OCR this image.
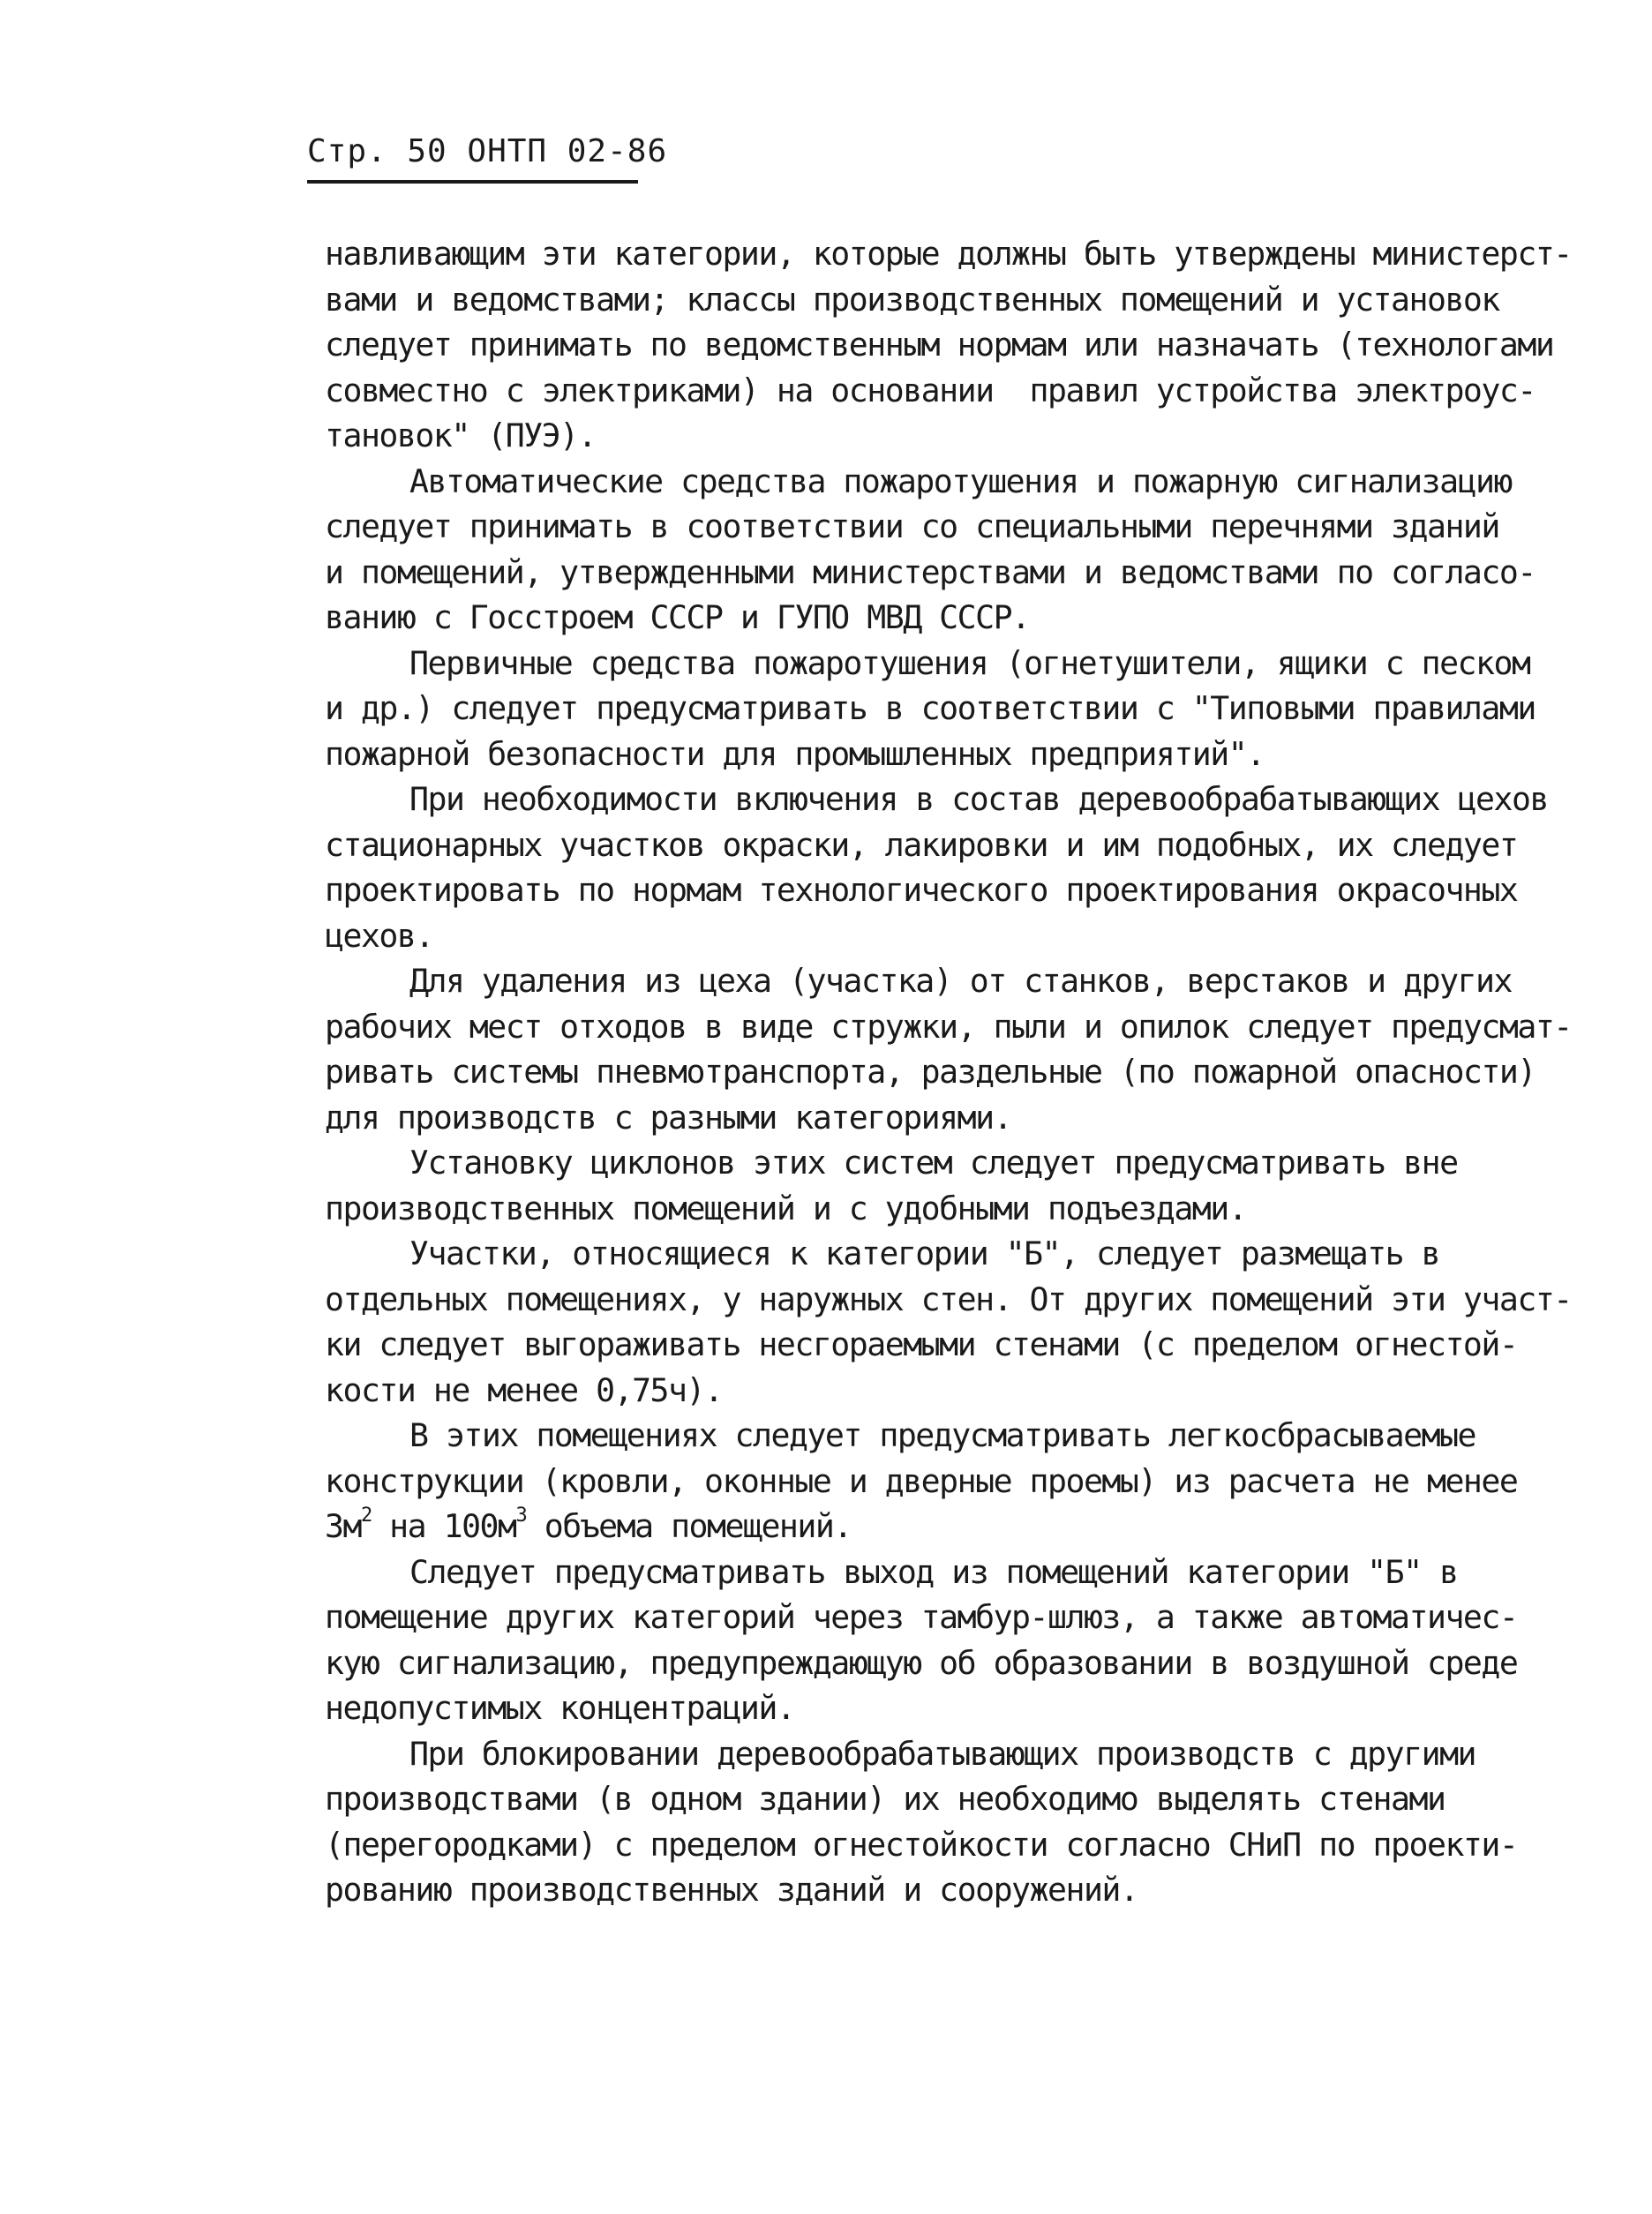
Стр. 50 ОНТП 02-86
навливающим эти категории, которые должны быть утверждены министерст-
вами и ведомствами; классы производственных помещений и установок
следует принимать по ведомственным нормам или назначать (технологами
совместно с электриками) на основании  правил устройства электроус-
тановок" (ПУЭ).
Автоматические средства пожаротушения и пожарную сигнализацию
следует принимать в соответствии со специальными перечнями зданий
и помещений, утвержденными министерствами и ведомствами по согласо-
ванию с Госстроем СССР и ГУПО МВД СССР.
Первичные средства пожаротушения (огнетушители, ящики с песком
и др.) следует предусматривать в соответствии с "Типовыми правилами
пожарной безопасности для промышленных предприятий".
При необходимости включения в состав деревообрабатывающих цехов
стационарных участков окраски, лакировки и им подобных, их следует
проектировать по нормам технологического проектирования окрасочных
цехов.
Для удаления из цеха (участка) от станков, верстаков и других
рабочих мест отходов в виде стружки, пыли и опилок следует предусмат-
ривать системы пневмотранспорта, раздельные (по пожарной опасности)
для производств с разными категориями.
Установку циклонов этих систем следует предусматривать вне
производственных помещений и с удобными подъездами.
Участки, относящиеся к категории "Б", следует размещать в
отдельных помещениях, у наружных стен. От других помещений эти участ-
ки следует выгораживать несгораемыми стенами (с пределом огнестой-
кости не менее 0,75ч).
В этих помещениях следует предусматривать легкосбрасываемые
конструкции (кровли, оконные и дверные проемы) из расчета не менее
$3м^2$ на $100м^3$ объема помещений.
Следует предусматривать выход из помещений категории "Б" в
помещение других категорий через тамбур-шлюз, а также автоматичес-
кую сигнализацию, предупреждающую об образовании в воздушной среде
недопустимых концентраций.
При блокировании деревообрабатывающих производств с другими
производствами (в одном здании) их необходимо выделять стенами
(перегородками) с пределом огнестойкости согласно СНиП по проекти-
рованию производственных зданий и сооружений.
